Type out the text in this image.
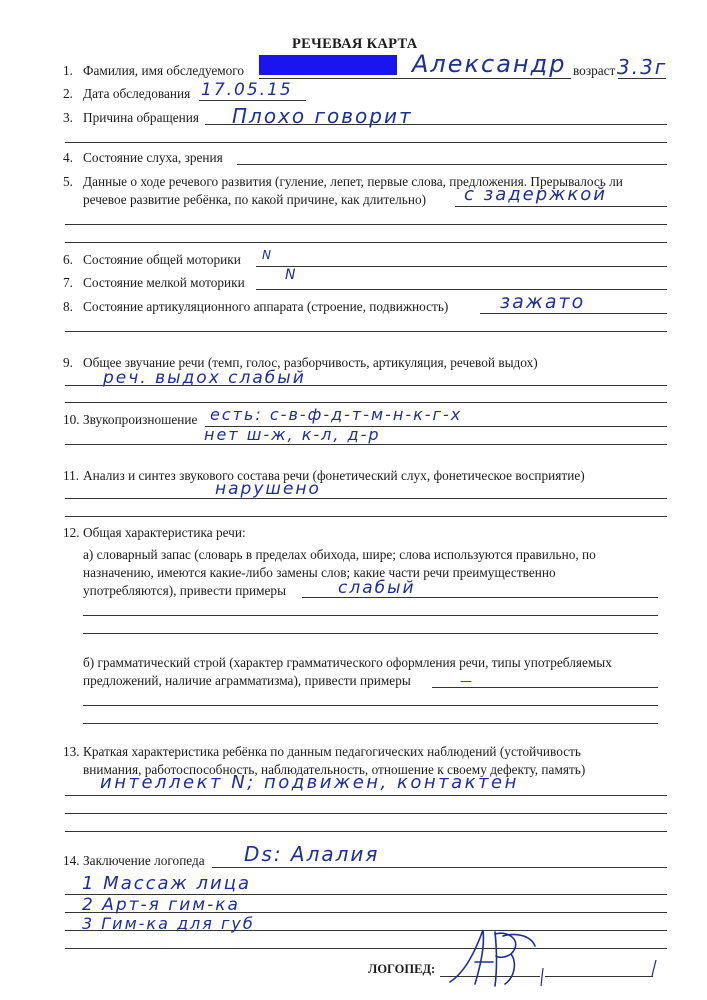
РЕЧЕВАЯ КАРТА
1. Фамилия, имя обследуемого	Александр возраст 3.3г
2. Дата обследования 17.05.15
3. Причина обращения Плохо говорит
4. Состояние слуха, зрения
5. Данные о ходе речевого развития (гуление, лепет, первые слова, предложения. Прерывалось ли
речевое развитие ребёнка, по какой причине, как длительно) с задержкой
6. Состояние общей моторики N
7. Состояние мелкой моторики	N
8. Состояние артикуляционного аппарата (строение, подвижность)	зажато
9. Общее звучание речи (темп, голос, разборчивость, артикуляция, речевой выдох)
реч. выдох слабый
10. Звукопроизношение есть: с-в-ф-д-т-м-н-к-г-х
нет ш-ж, к-л, д-р
11. Анализ и синтез звукового состава речи (фонетический слух, фонетическое восприятие)
нарушено
12. Общая характеристика речи:
а) словарный запас (словарь в пределах обихода, шире; слова используются правильно, по
назначению, имеются какие-либо замены слов; какие части речи преимущественно
употребляются), привести примеры	слабый
б) грамматический строй (характер грамматического оформления речи, типы употребляемых
предложений, наличие аграмматизма), привести примеры	—
13. Краткая характеристика ребёнка по данным педагогических наблюдений (устойчивость
внимания, работоспособность, наблюдательность, отношение к своему дефекту, память)
интеллект N; подвижен, контактен
14. Заключение логопеда Ds: Алалия
1 Массаж лица
2 Арт-я гим-ка
3 Гим-ка для губ
ЛОГОПЕД:
